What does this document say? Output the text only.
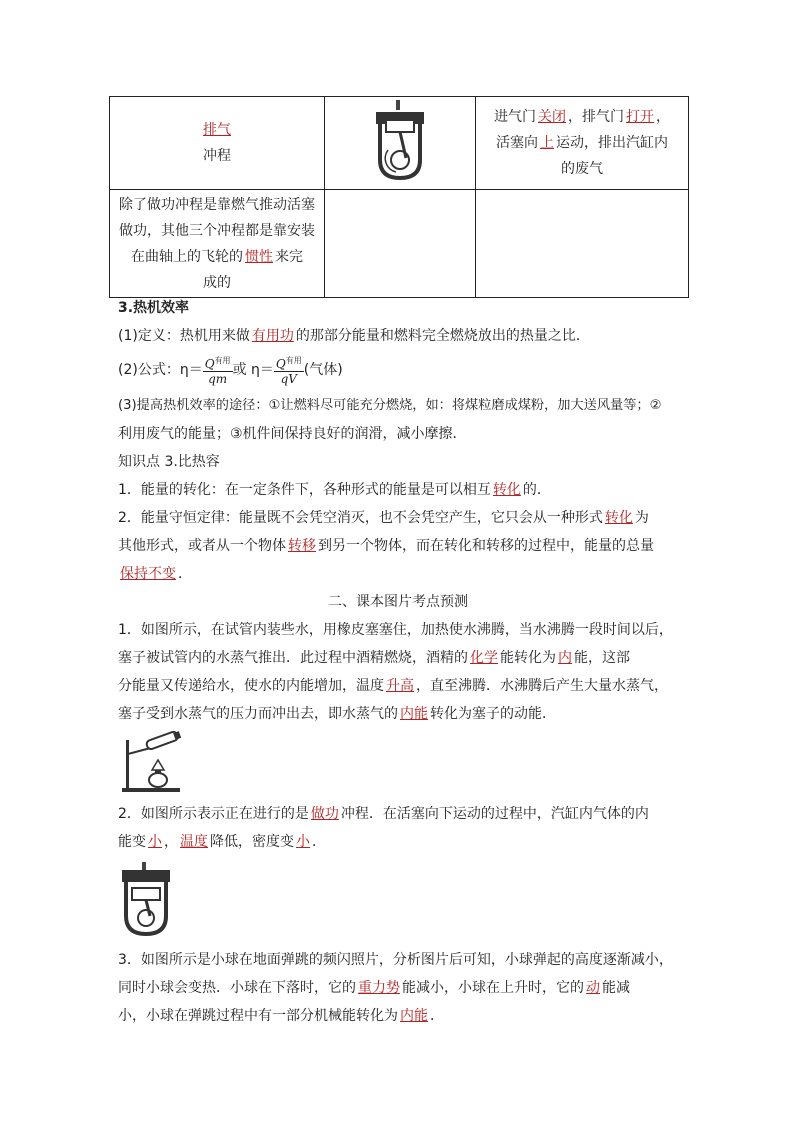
排气
冲程		进气门 关闭 ，排气门 打开 ，
活塞向 上 运动，排出汽缸内
的废气
除了做功冲程是靠燃气推动活塞
做功，其他三个冲程都是靠安装
在曲轴上的飞轮的 惯性 来完
成的		
3.热机效率
(1)定义：热机用来做 有用功 的那部分能量和燃料完全燃烧放出的热量之比．
(2)公式：$\eta= \frac{Q^{有用}}{qm}$ 或 $\eta= \frac{Q^{有用}}{qV}$ (气体)
(3)提高热机效率的途径：①让燃料尽可能充分燃烧，如：将煤粒磨成煤粉，加大送风量等；②
利用废气的能量；③机件间保持良好的润滑，减小摩擦．
知识点 3.比热容
1．能量的转化：在一定条件下，各种形式的能量是可以相互 转化 的．
2．能量守恒定律：能量既不会凭空消灭，也不会凭空产生，它只会从一种形式 转化 为
其他形式，或者从一个物体 转移 到另一个物体，而在转化和转移的过程中，能量的总量
保持不变 ．
二、课本图片考点预测
1．如图所示，在试管内装些水，用橡皮塞塞住，加热使水沸腾，当水沸腾一段时间以后，
塞子被试管内的水蒸气推出．此过程中酒精燃烧，酒精的 化学 能转化为 内 能，这部
分能量又传递给水，使水的内能增加，温度 升高 ，直至沸腾．水沸腾后产生大量水蒸气，
塞子受到水蒸气的压力而冲出去，即水蒸气的 内能 转化为塞子的动能．
2．如图所示表示正在进行的是 做功 冲程．在活塞向下运动的过程中，汽缸内气体的内
能变 小 ， 温度 降低，密度变 小 ．
3．如图所示是小球在地面弹跳的频闪照片，分析图片后可知，小球弹起的高度逐渐减小，
同时小球会变热．小球在下落时，它的 重力势 能减小，小球在上升时，它的 动 能减
小，小球在弹跳过程中有一部分机械能转化为 内能 ．
